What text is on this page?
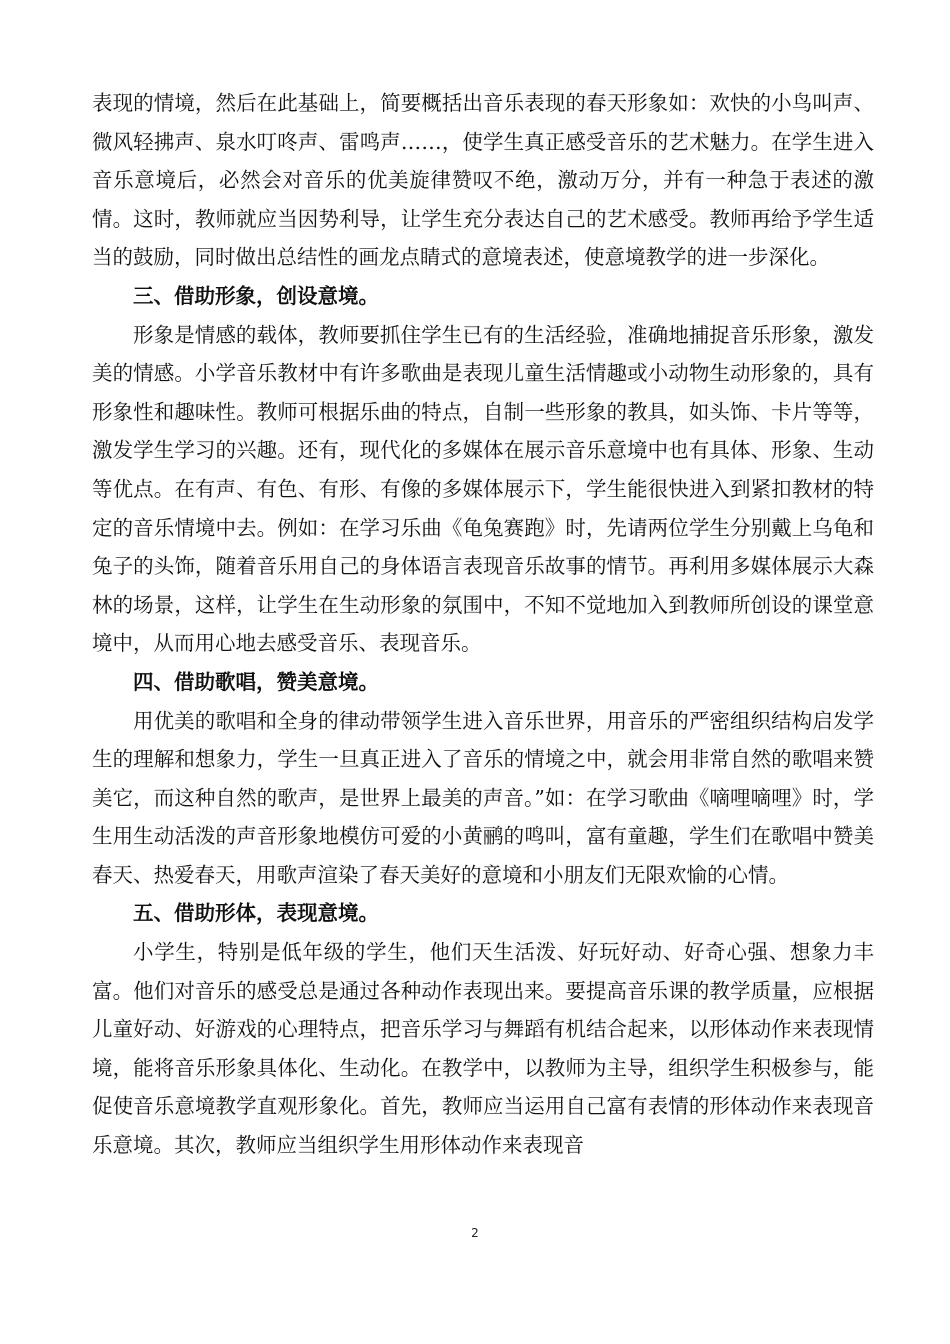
表现的情境，然后在此基础上，简要概括出音乐表现的春天形象如：欢快的小鸟叫声、微风轻拂声、泉水叮咚声、雷鸣声……，使学生真正感受音乐的艺术魅力。在学生进入音乐意境后，必然会对音乐的优美旋律赞叹不绝，激动万分，并有一种急于表述的激情。这时，教师就应当因势利导，让学生充分表达自己的艺术感受。教师再给予学生适当的鼓励，同时做出总结性的画龙点睛式的意境表述，使意境教学的进一步深化。

三、借助形象，创设意境。

形象是情感的载体，教师要抓住学生已有的生活经验，准确地捕捉音乐形象，激发美的情感。小学音乐教材中有许多歌曲是表现儿童生活情趣或小动物生动形象的，具有形象性和趣味性。教师可根据乐曲的特点，自制一些形象的教具，如头饰、卡片等等，激发学生学习的兴趣。还有，现代化的多媒体在展示音乐意境中也有具体、形象、生动等优点。在有声、有色、有形、有像的多媒体展示下，学生能很快进入到紧扣教材的特定的音乐情境中去。例如：在学习乐曲《龟兔赛跑》时，先请两位学生分别戴上乌龟和兔子的头饰，随着音乐用自己的身体语言表现音乐故事的情节。再利用多媒体展示大森林的场景，这样，让学生在生动形象的氛围中，不知不觉地加入到教师所创设的课堂意境中，从而用心地去感受音乐、表现音乐。

四、借助歌唱，赞美意境。

用优美的歌唱和全身的律动带领学生进入音乐世界，用音乐的严密组织结构启发学生的理解和想象力，学生一旦真正进入了音乐的情境之中，就会用非常自然的歌唱来赞美它，而这种自然的歌声，是世界上最美的声音。”如：在学习歌曲《嘀哩嘀哩》时，学生用生动活泼的声音形象地模仿可爱的小黄鹂的鸣叫，富有童趣，学生们在歌唱中赞美春天、热爱春天，用歌声渲染了春天美好的意境和小朋友们无限欢愉的心情。

五、借助形体，表现意境。

小学生，特别是低年级的学生，他们天生活泼、好玩好动、好奇心强、想象力丰富。他们对音乐的感受总是通过各种动作表现出来。要提高音乐课的教学质量，应根据儿童好动、好游戏的心理特点，把音乐学习与舞蹈有机结合起来，以形体动作来表现情境，能将音乐形象具体化、生动化。在教学中，以教师为主导，组织学生积极参与，能促使音乐意境教学直观形象化。首先，教师应当运用自己富有表情的形体动作来表现音乐意境。其次，教师应当组织学生用形体动作来表现音

2
